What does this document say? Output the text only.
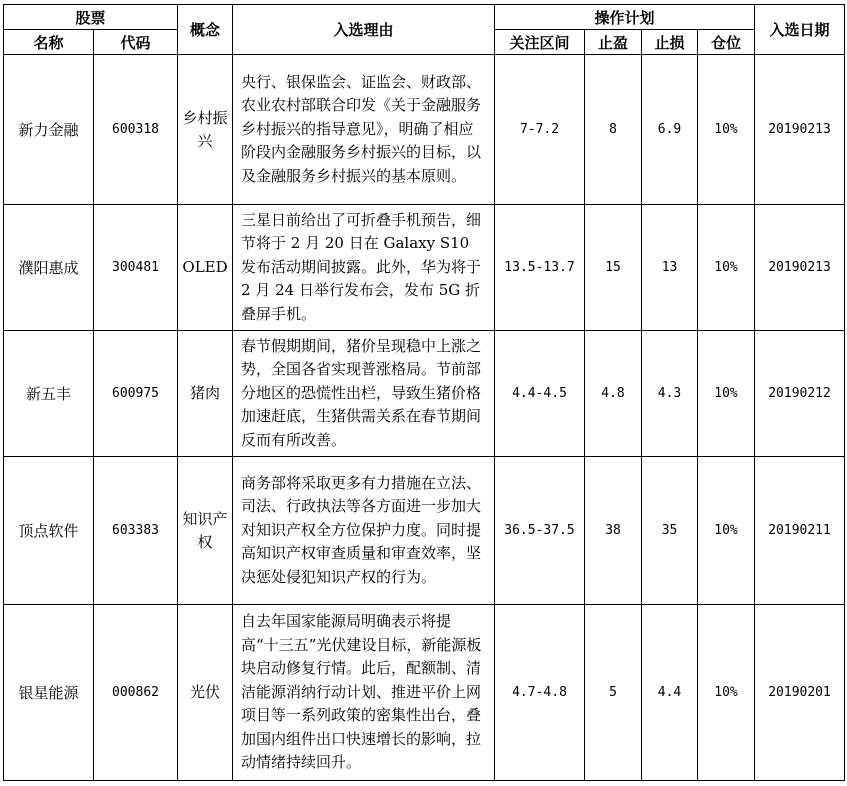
股票		概念	入选理由	操作计划				入选日期
名称	代码			关注区间	止盈	止损	仓位	
新力金融	600318	乡村振兴	央行、银保监会、证监会、财政部、农业农村部联合印发《关于金融服务乡村振兴的指导意见》，明确了相应阶段内金融服务乡村振兴的目标，以及金融服务乡村振兴的基本原则。	7-7.2	8	6.9	10%	20190213
濮阳惠成	300481	OLED	三星日前给出了可折叠手机预告，细节将于 2 月 20 日在 Galaxy S10 发布活动期间披露。此外，华为将于 2 月 24 日举行发布会，发布 5G 折叠屏手机。	13.5-13.7	15	13	10%	20190213
新五丰	600975	猪肉	春节假期期间，猪价呈现稳中上涨之势，全国各省实现普涨格局。节前部分地区的恐慌性出栏，导致生猪价格加速赶底，生猪供需关系在春节期间反而有所改善。	4.4-4.5	4.8	4.3	10%	20190212
顶点软件	603383	知识产权	商务部将采取更多有力措施在立法、司法、行政执法等各方面进一步加大对知识产权全方位保护力度。同时提高知识产权审查质量和审查效率，坚决惩处侵犯知识产权的行为。	36.5-37.5	38	35	10%	20190211
银星能源	000862	光伏	自去年国家能源局明确表示将提高“十三五”光伏建设目标，新能源板块启动修复行情。此后，配额制、清洁能源消纳行动计划、推进平价上网项目等一系列政策的密集性出台，叠加国内组件出口快速增长的影响，拉动情绪持续回升。	4.7-4.8	5	4.4	10%	20190201
